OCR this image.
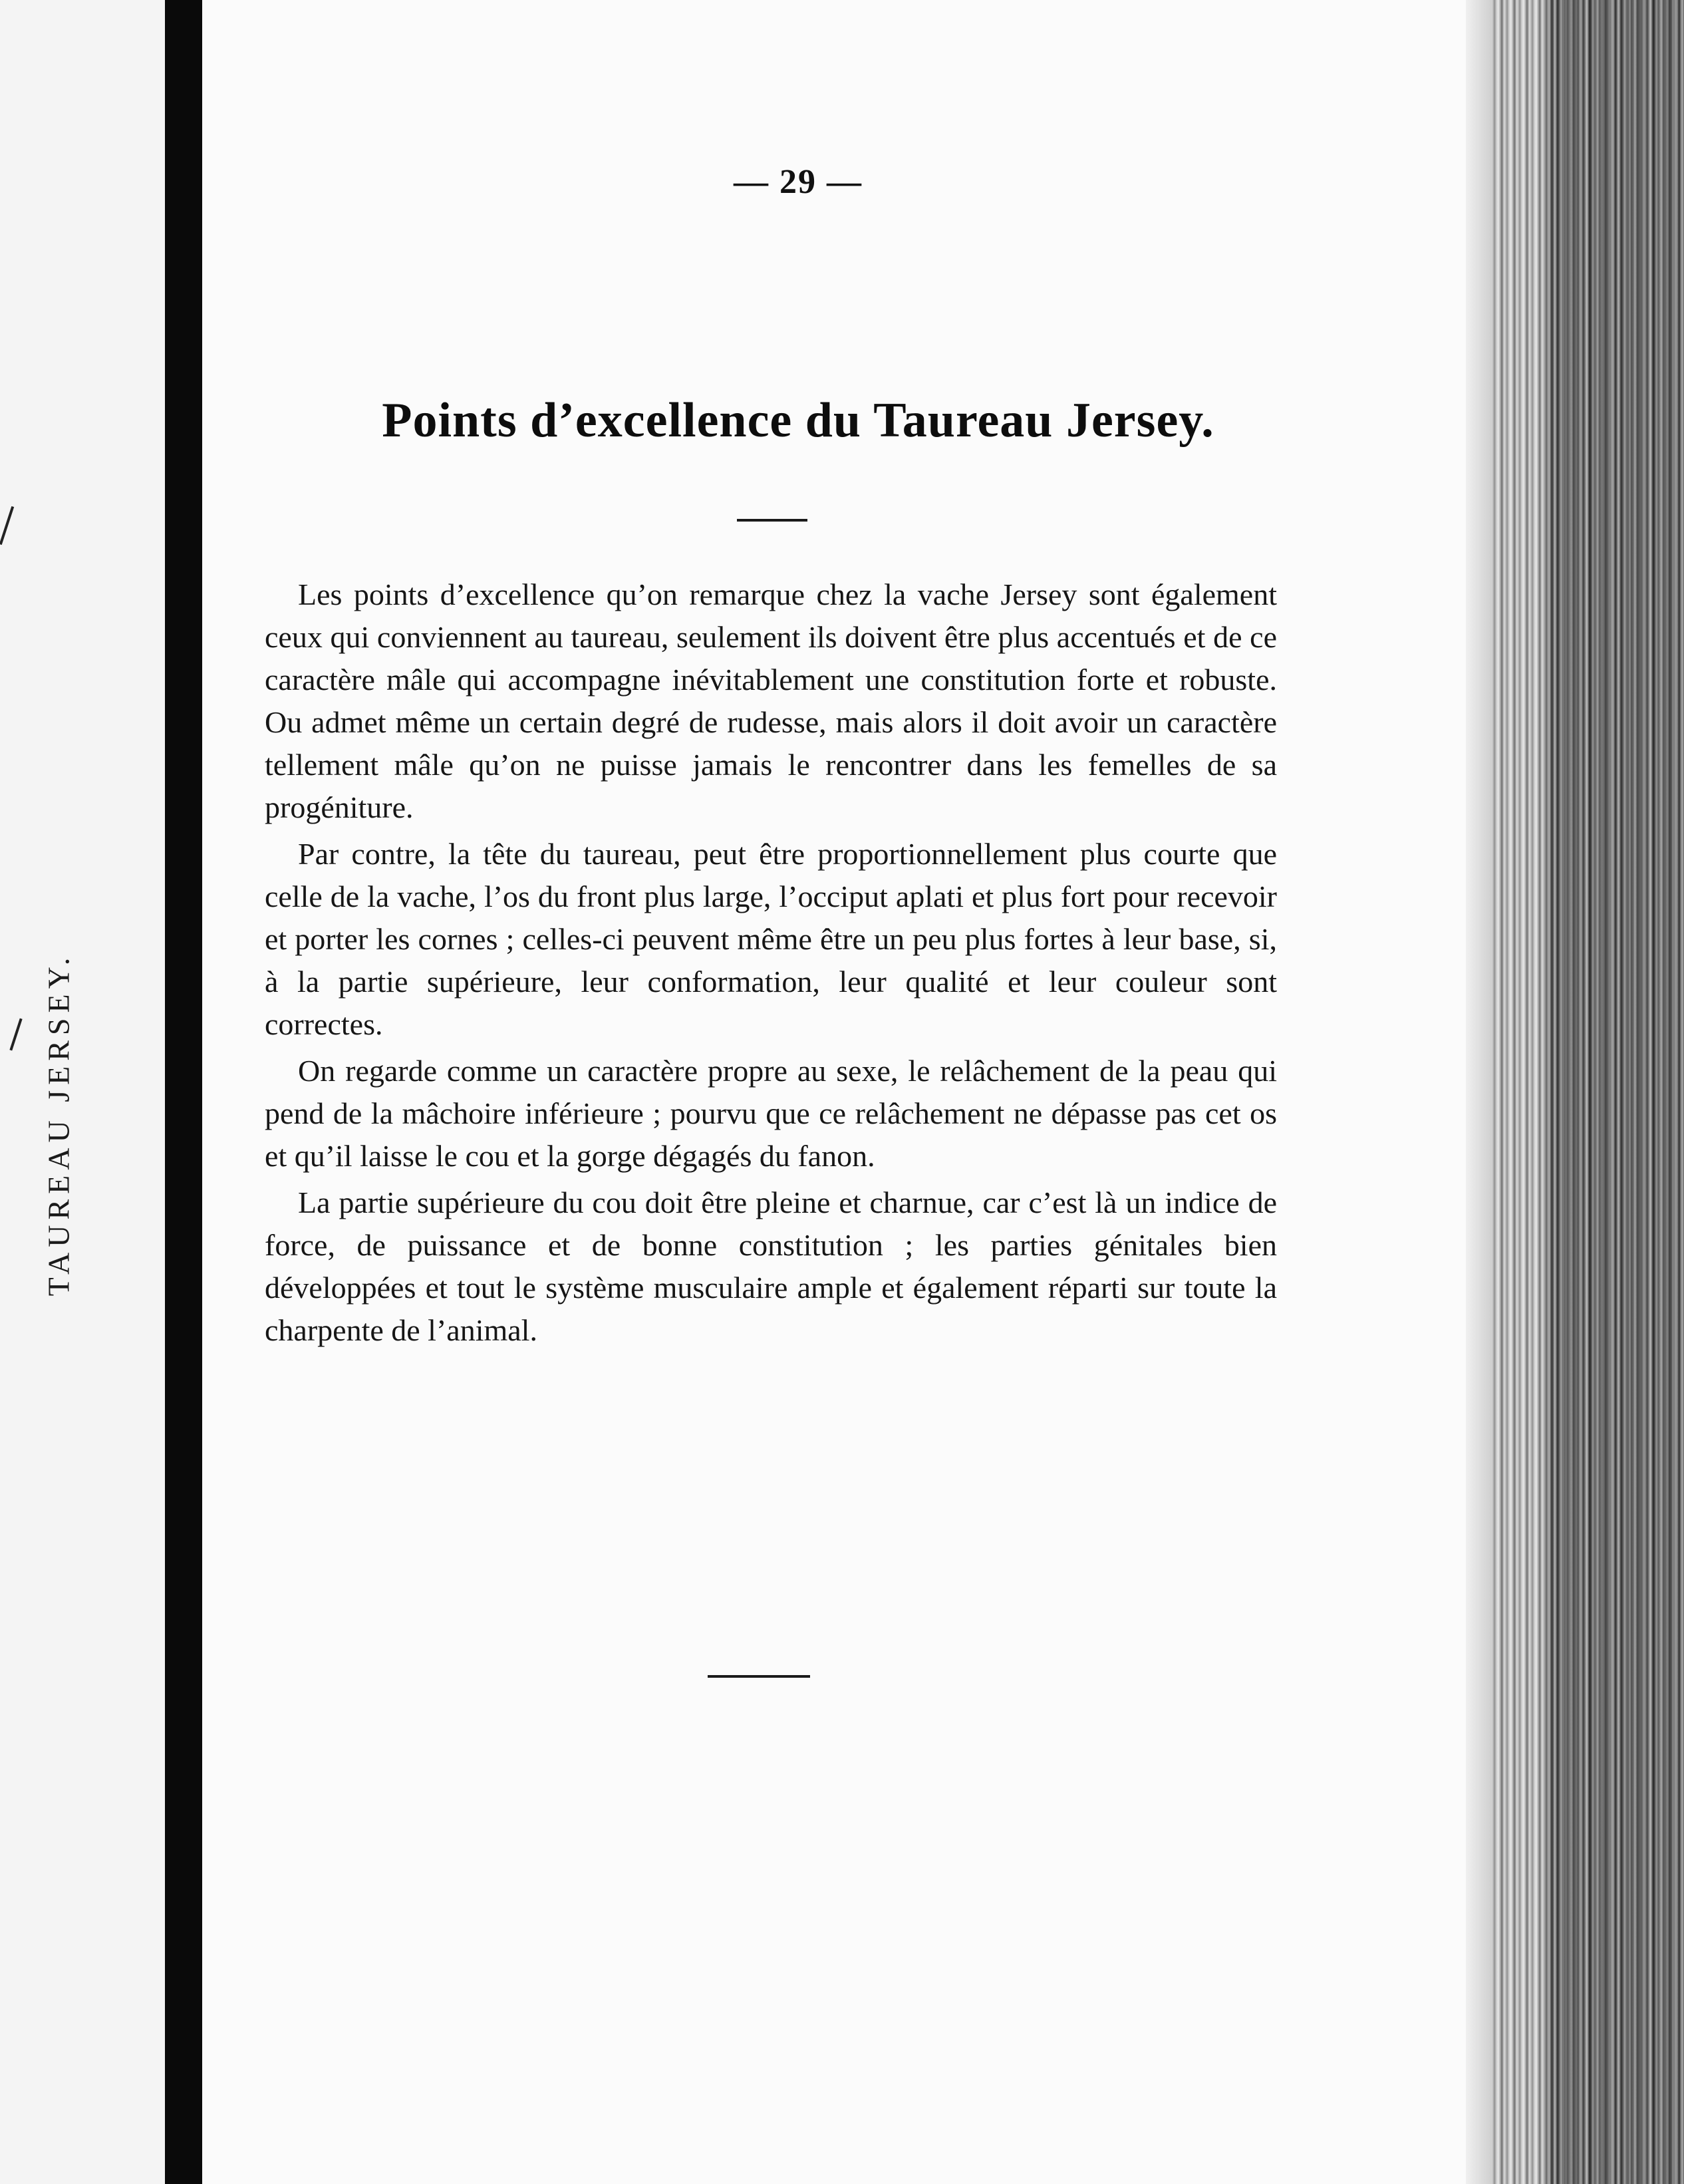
TAUREAU JERSEY.
— 29 —
Points d’excellence du Taureau Jersey.

Les points d’excellence qu’on remarque chez la vache Jersey sont également ceux qui conviennent au taureau, seulement ils doivent être plus accentués et de ce caractère mâle qui accompagne inévitablement une constitution forte et robuste. Ou admet même un certain degré de rudesse, mais alors il doit avoir un caractère tellement mâle qu’on ne puisse jamais le rencontrer dans les femelles de sa progéniture.

Par contre, la tête du taureau, peut être proportionnellement plus courte que celle de la vache, l’os du front plus large, l’occiput aplati et plus fort pour recevoir et porter les cornes ; celles-ci peuvent même être un peu plus fortes à leur base, si, à la partie supérieure, leur conformation, leur qualité et leur couleur sont correctes.

On regarde comme un caractère propre au sexe, le relâchement de la peau qui pend de la mâchoire inférieure ; pourvu que ce relâchement ne dépasse pas cet os et qu’il laisse le cou et la gorge dégagés du fanon.

La partie supérieure du cou doit être pleine et charnue, car c’est là un indice de force, de puissance et de bonne constitution ; les parties génitales bien développées et tout le système musculaire ample et également réparti sur toute la charpente de l’animal.
